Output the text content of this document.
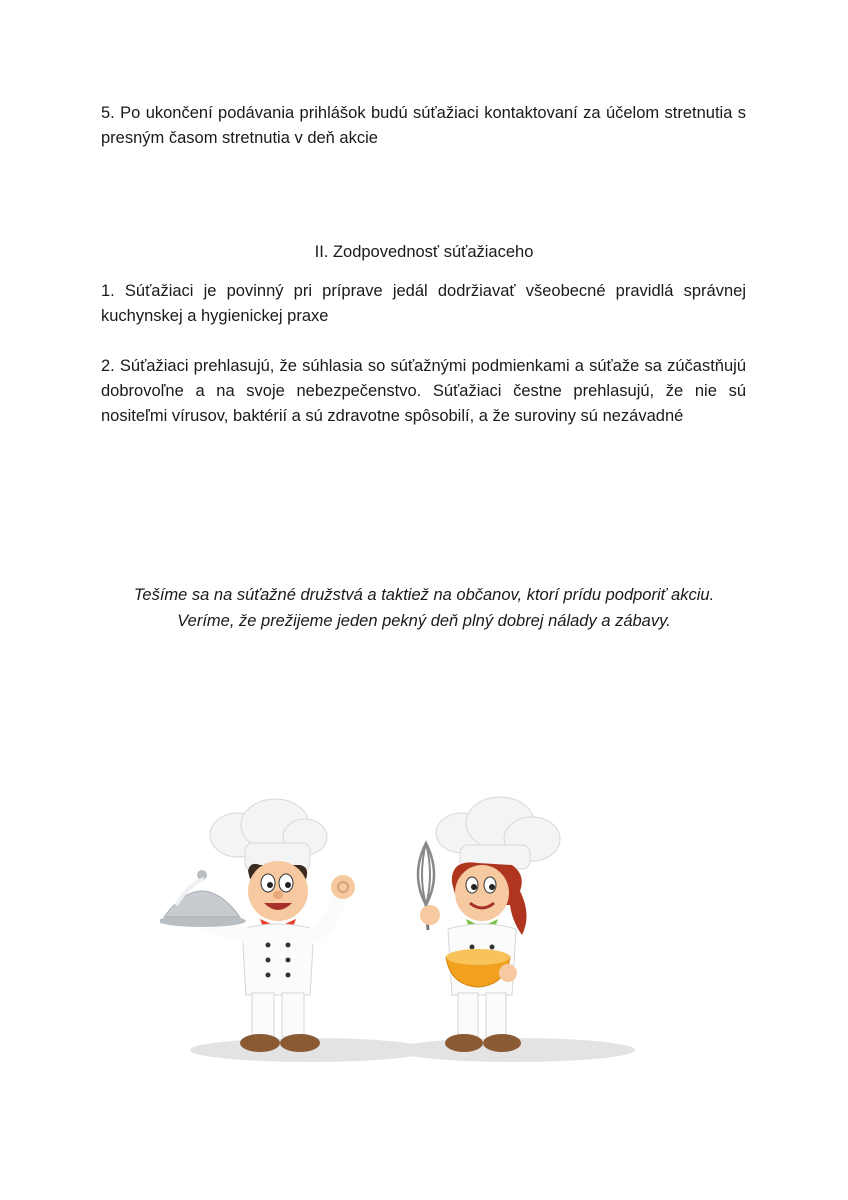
5. Po ukončení podávania prihlášok budú súťažiaci kontaktovaní za účelom stretnutia s presným časom stretnutia v deň akcie

II. Zodpovednosť súťažiaceho

1. Súťažiaci je povinný pri príprave jedál dodržiavať všeobecné pravidlá správnej kuchynskej a hygienickej praxe

2. Súťažiaci prehlasujú, že súhlasia so súťažnými podmienkami a súťaže sa zúčastňujú dobrovoľne a na svoje nebezpečenstvo. Súťažiaci čestne prehlasujú, že nie sú nositeľmi vírusov, baktérií a sú zdravotne spôsobilí, a že suroviny sú nezávadné

Tešíme sa na súťažné družstvá a taktiež na občanov, ktorí prídu podporiť akciu.
Veríme, že prežijeme jeden pekný deň plný dobrej nálady a zábavy.
